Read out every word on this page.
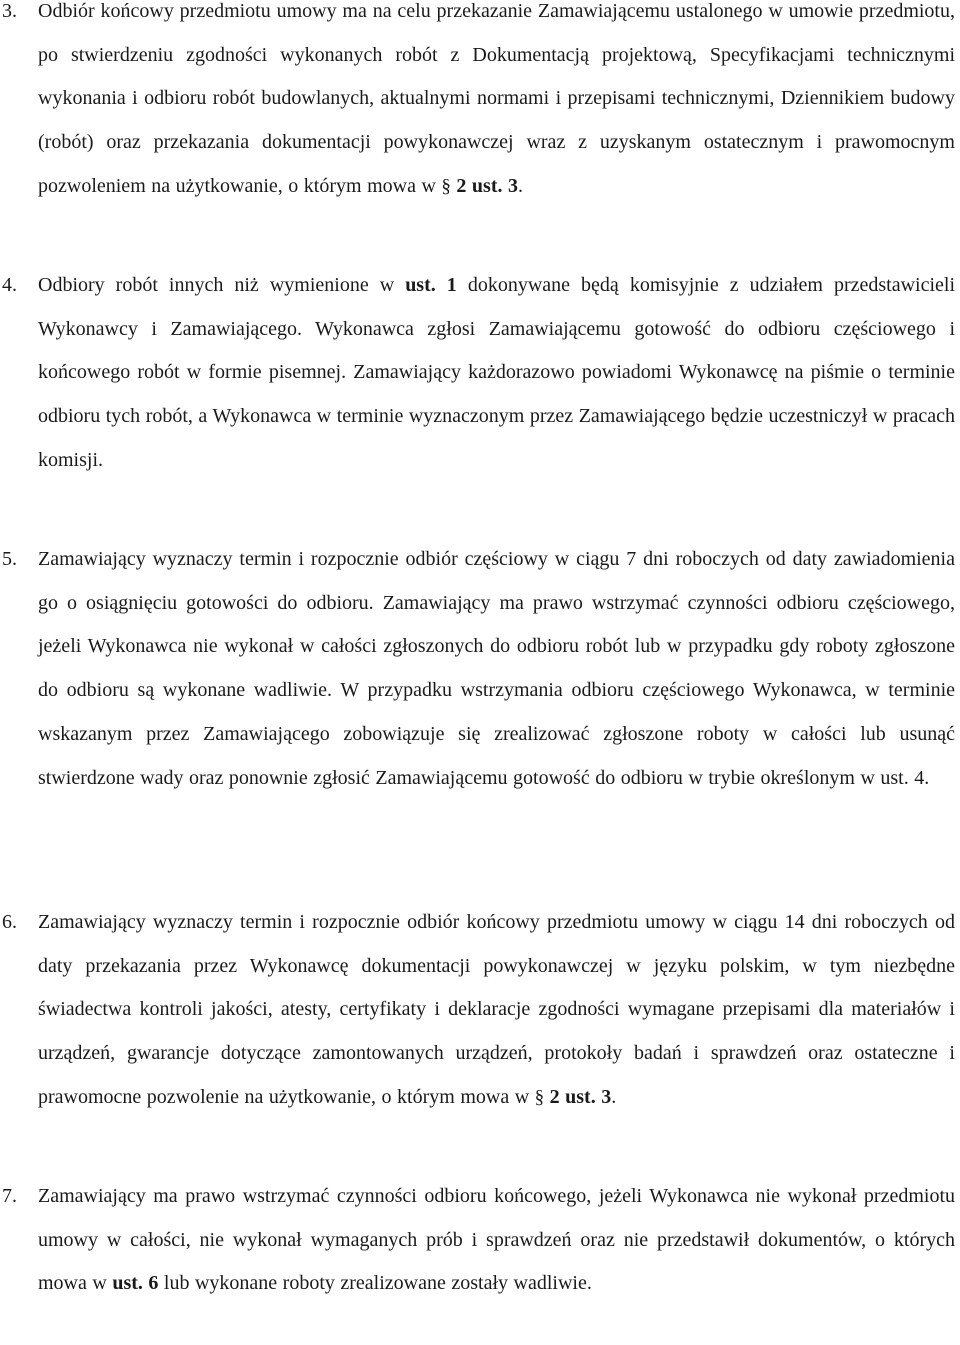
3. Odbiór końcowy przedmiotu umowy ma na celu przekazanie Zamawiającemu ustalonego w umowie przedmiotu, po stwierdzeniu zgodności wykonanych robót z Dokumentacją projektową, Specyfikacjami technicznymi wykonania i odbioru robót budowlanych, aktualnymi normami i przepisami technicznymi, Dziennikiem budowy (robót) oraz przekazania dokumentacji powykonawczej wraz z uzyskanym ostatecznym i prawomocnym pozwoleniem na użytkowanie, o którym mowa w § 2 ust. 3.
4. Odbiory robót innych niż wymienione w ust. 1 dokonywane będą komisyjnie z udziałem przedstawicieli Wykonawcy i Zamawiającego. Wykonawca zgłosi Zamawiającemu gotowość do odbioru częściowego i końcowego robót w formie pisemnej. Zamawiający każdorazowo powiadomi Wykonawcę na piśmie o terminie odbioru tych robót, a Wykonawca w terminie wyznaczonym przez Zamawiającego będzie uczestniczył w pracach komisji.
5. Zamawiający wyznaczy termin i rozpocznie odbiór częściowy w ciągu 7 dni roboczych od daty zawiadomienia go o osiągnięciu gotowości do odbioru. Zamawiający ma prawo wstrzymać czynności odbioru częściowego, jeżeli Wykonawca nie wykonał w całości zgłoszonych do odbioru robót lub w przypadku gdy roboty zgłoszone do odbioru są wykonane wadliwie. W przypadku wstrzymania odbioru częściowego Wykonawca, w terminie wskazanym przez Zamawiającego zobowiązuje się zrealizować zgłoszone roboty w całości lub usunąć stwierdzone wady oraz ponownie zgłosić Zamawiającemu gotowość do odbioru w trybie określonym w ust. 4.
6. Zamawiający wyznaczy termin i rozpocznie odbiór końcowy przedmiotu umowy w ciągu 14 dni roboczych od daty przekazania przez Wykonawcę dokumentacji powykonawczej w języku polskim, w tym niezbędne świadectwa kontroli jakości, atesty, certyfikaty i deklaracje zgodności wymagane przepisami dla materiałów i urządzeń, gwarancje dotyczące zamontowanych urządzeń, protokoły badań i sprawdzeń oraz ostateczne i prawomocne pozwolenie na użytkowanie, o którym mowa w § 2 ust. 3.
7. Zamawiający ma prawo wstrzymać czynności odbioru końcowego, jeżeli Wykonawca nie wykonał przedmiotu umowy w całości, nie wykonał wymaganych prób i sprawdzeń oraz nie przedstawił dokumentów, o których mowa w ust. 6 lub wykonane roboty zrealizowane zostały wadliwie.
